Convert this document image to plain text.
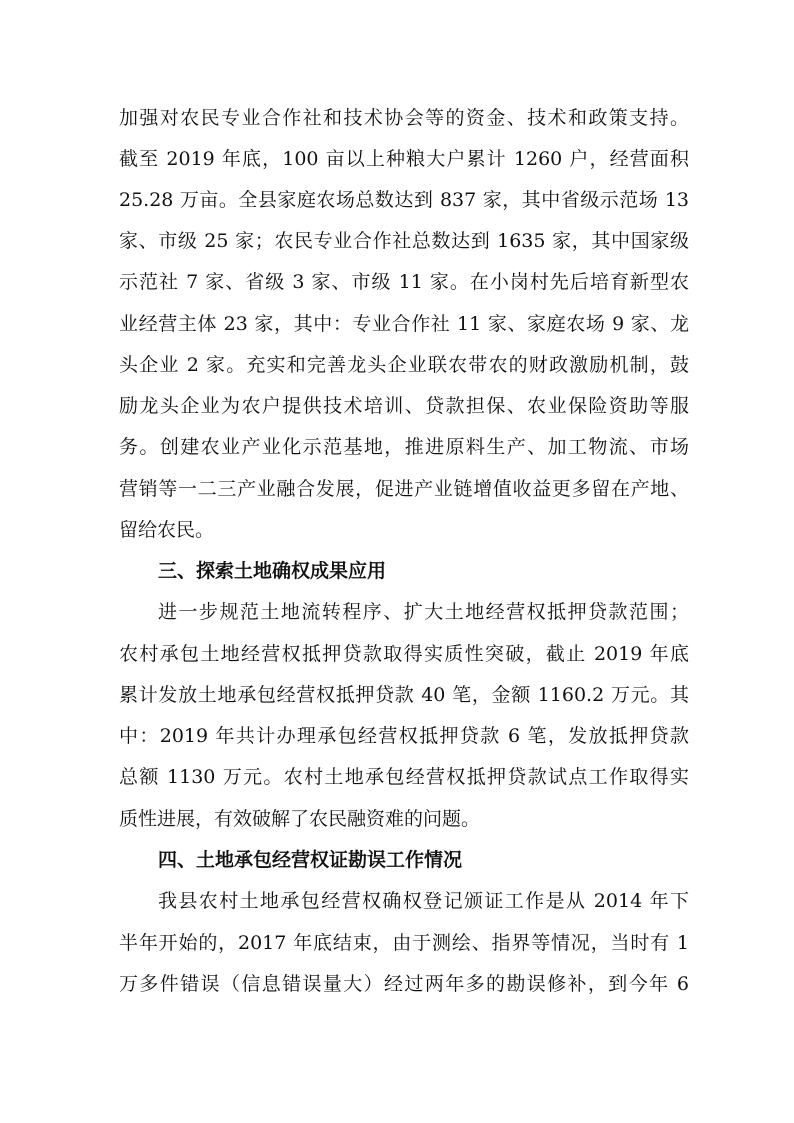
加强对农民专业合作社和技术协会等的资金、技术和政策支持。
截至 2019 年底，100 亩以上种粮大户累计 1260 户，经营面积
25.28 万亩。全县家庭农场总数达到 837 家，其中省级示范场 13
家、市级 25 家；农民专业合作社总数达到 1635 家，其中国家级
示范社 7 家、省级 3 家、市级 11 家。在小岗村先后培育新型农
业经营主体 23 家，其中：专业合作社 11 家、家庭农场 9 家、龙
头企业 2 家。充实和完善龙头企业联农带农的财政激励机制，鼓
励龙头企业为农户提供技术培训、贷款担保、农业保险资助等服
务。创建农业产业化示范基地，推进原料生产、加工物流、市场
营销等一二三产业融合发展，促进产业链增值收益更多留在产地、
留给农民。
三、探索土地确权成果应用
进一步规范土地流转程序、扩大土地经营权抵押贷款范围；
农村承包土地经营权抵押贷款取得实质性突破，截止 2019 年底
累计发放土地承包经营权抵押贷款 40 笔，金额 1160.2 万元。其
中：2019 年共计办理承包经营权抵押贷款 6 笔，发放抵押贷款
总额 1130 万元。农村土地承包经营权抵押贷款试点工作取得实
质性进展，有效破解了农民融资难的问题。
四、土地承包经营权证勘误工作情况
我县农村土地承包经营权确权登记颁证工作是从 2014 年下
半年开始的，2017 年底结束，由于测绘、指界等情况，当时有 1
万多件错误（信息错误量大）经过两年多的勘误修补，到今年 6
